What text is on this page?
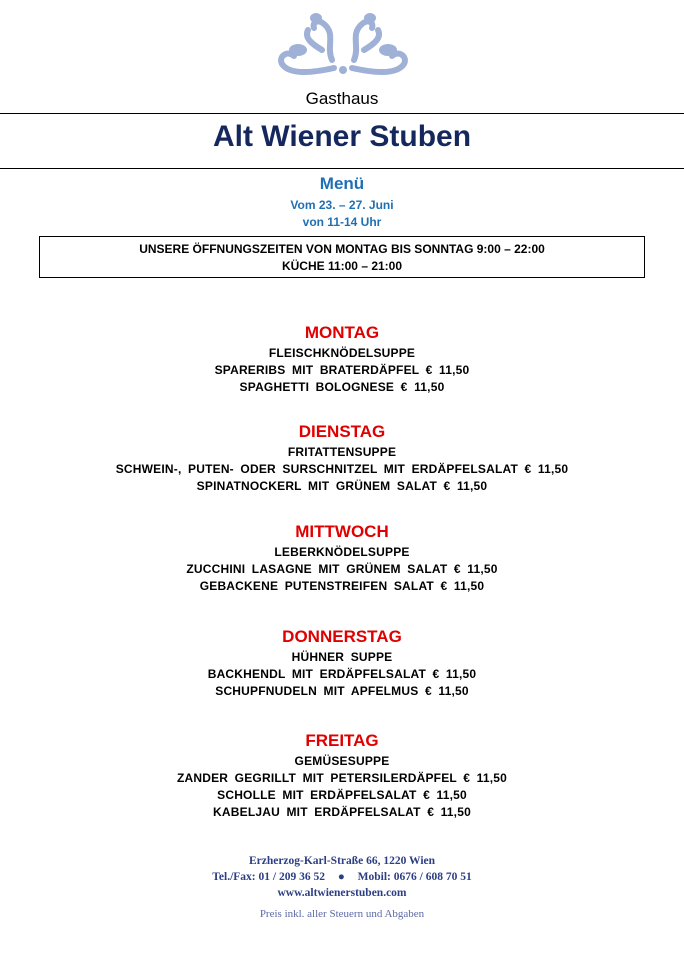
Gasthaus
Alt Wiener Stuben
Menü
Vom 23. – 27. Juni
von 11-14 Uhr
UNSERE ÖFFNUNGSZEITEN VON MONTAG BIS SONNTAG 9:00 – 22:00
KÜCHE 11:00 – 21:00
MONTAG
FLEISCHKNÖDELSUPPE
SPARERIBS MIT BRATERDÄPFEL € 11,50
SPAGHETTI BOLOGNESE € 11,50
DIENSTAG
FRITATTENSUPPE
SCHWEIN-, PUTEN- ODER SURSCHNITZEL MIT ERDÄPFELSALAT € 11,50
SPINATNOCKERL MIT GRÜNEM SALAT € 11,50
MITTWOCH
LEBERKNÖDELSUPPE
ZUCCHINI LASAGNE MIT GRÜNEM SALAT € 11,50
GEBACKENE PUTENSTREIFEN SALAT € 11,50
DONNERSTAG
HÜHNER SUPPE
BACKHENDL MIT ERDÄPFELSALAT € 11,50
SCHUPFNUDELN MIT APFELMUS € 11,50
FREITAG
GEMÜSESUPPE
ZANDER GEGRILLT MIT PETERSILERDÄPFEL € 11,50
SCHOLLE MIT ERDÄPFELSALAT € 11,50
KABELJAU MIT ERDÄPFELSALAT € 11,50
Erzherzog-Karl-Straße 66, 1220 Wien
Tel./Fax: 01 / 209 36 52 ● Mobil: 0676 / 608 70 51
www.altwienerstuben.com
Preis inkl. aller Steuern und Abgaben
